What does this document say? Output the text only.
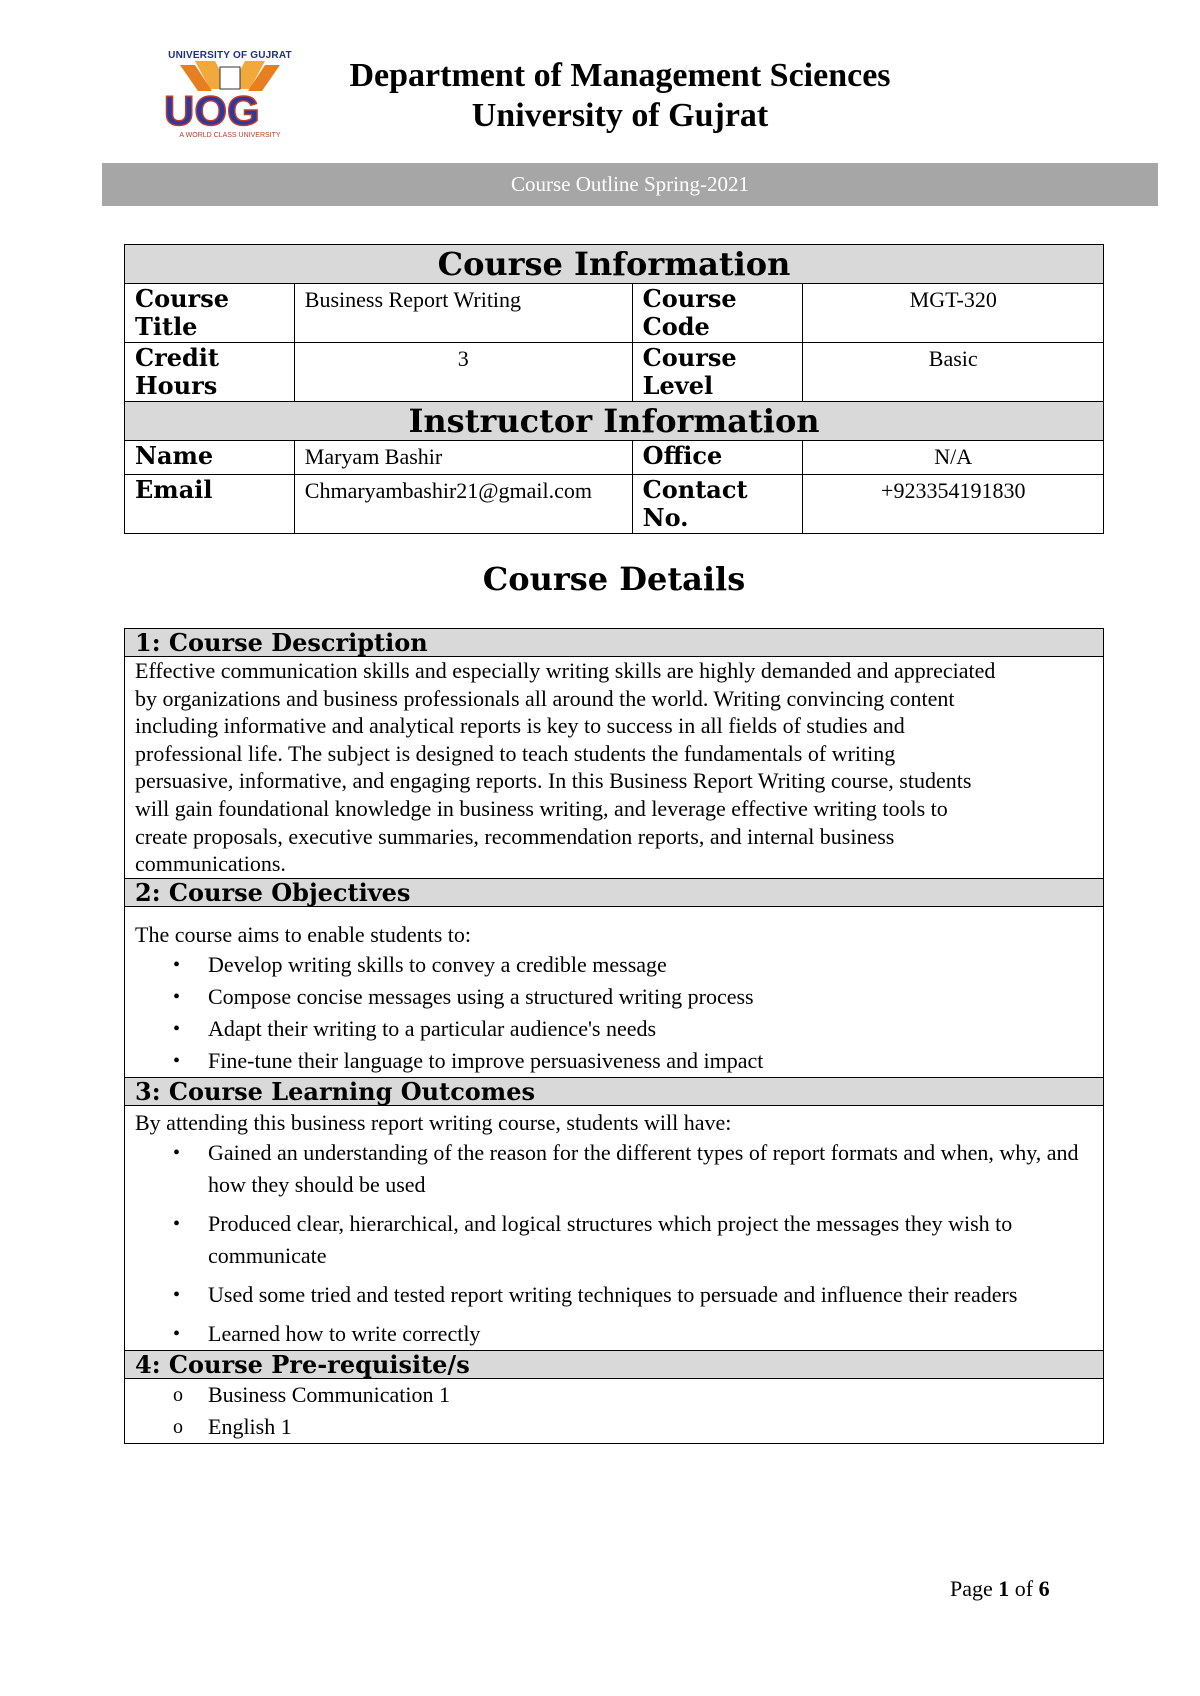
UNIVERSITY OF GUJRAT
UOG
A WORLD CLASS UNIVERSITY
Department of Management Sciences
University of Gujrat
Course Outline Spring-2021
Course Information			
Course Title	Business Report Writing	Course Code	MGT-320
Credit Hours	3	Course Level	Basic
Instructor Information			
Name	Maryam Bashir	Office	N/A
Email	Chmaryambashir21@gmail.com	Contact No.	+923354191830
Course Details
1: Course Description

Effective communication skills and especially writing skills are highly demanded and appreciated
by organizations and business professionals all around the world. Writing convincing content
including informative and analytical reports is key to success in all fields of studies and
professional life. The subject is designed to teach students the fundamentals of writing
persuasive, informative, and engaging reports. In this Business Report Writing course, students
will gain foundational knowledge in business writing, and leverage effective writing tools to
create proposals, executive summaries, recommendation reports, and internal business
communications.

2: Course Objectives

The course aims to enable students to:
• Develop writing skills to convey a credible message
• Compose concise messages using a structured writing process
• Adapt their writing to a particular audience's needs
• Fine-tune their language to improve persuasiveness and impact

3: Course Learning Outcomes

By attending this business report writing course, students will have:
• Gained an understanding of the reason for the different types of report formats and when, why, and how they should be used
• Produced clear, hierarchical, and logical structures which project the messages they wish to communicate
• Used some tried and tested report writing techniques to persuade and influence their readers
• Learned how to write correctly

4: Course Pre-requisite/s

o Business Communication 1
o English 1
Page 1 of 6
